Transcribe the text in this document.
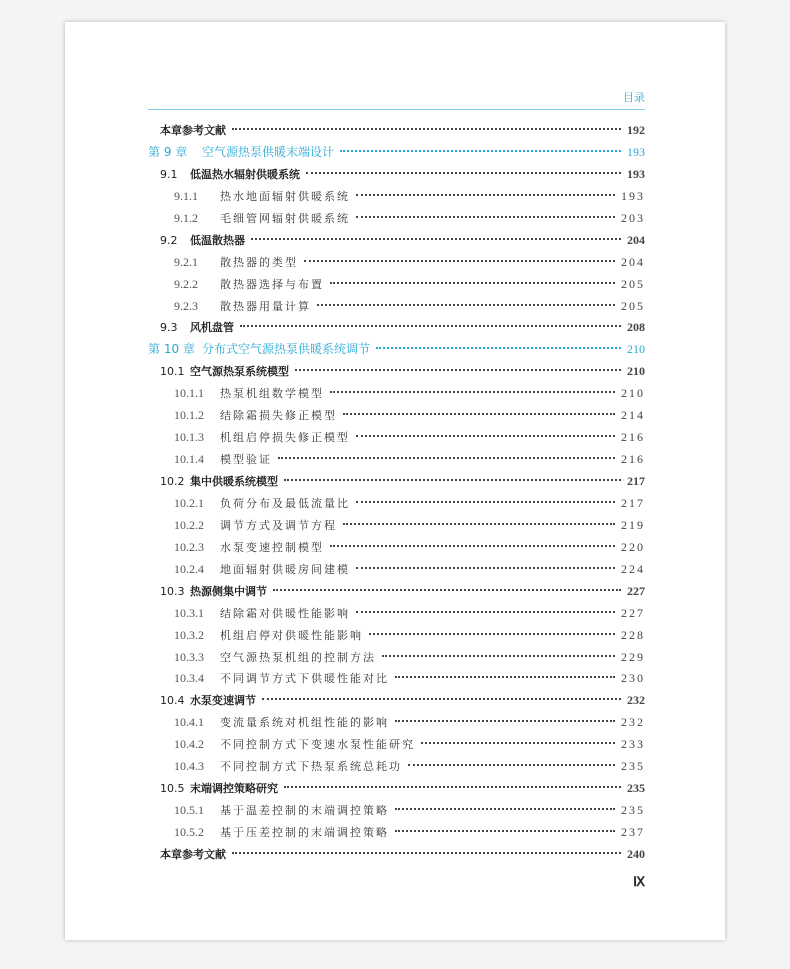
目录
本章参考文献	192
第 9 章	空气源热泵供暖末端设计	193
9.1	低温热水辐射供暖系统	193
9.1.1	热水地面辐射供暖系统	193
9.1.2	毛细管网辐射供暖系统	203
9.2	低温散热器	204
9.2.1	散热器的类型	204
9.2.2	散热器选择与布置	205
9.2.3	散热器用量计算	205
9.3	风机盘管	208
第 10 章 分布式空气源热泵供暖系统调节	210
10.1 空气源热泵系统模型	210
10.1.1	热泵机组数学模型	210
10.1.2	结除霜损失修正模型	214
10.1.3	机组启停损失修正模型	216
10.1.4	模型验证	216
10.2 集中供暖系统模型	217
10.2.1	负荷分布及最低流量比	217
10.2.2	调节方式及调节方程	219
10.2.3	水泵变速控制模型	220
10.2.4	地面辐射供暖房间建模	224
10.3 热源侧集中调节	227
10.3.1	结除霜对供暖性能影响	227
10.3.2	机组启停对供暖性能影响	228
10.3.3	空气源热泵机组的控制方法	229
10.3.4	不同调节方式下供暖性能对比	230
10.4 水泵变速调节	232
10.4.1	变流量系统对机组性能的影响	232
10.4.2	不同控制方式下变速水泵性能研究	233
10.4.3	不同控制方式下热泵系统总耗功	235
10.5 末端调控策略研究	235
10.5.1	基于温差控制的末端调控策略	235
10.5.2	基于压差控制的末端调控策略	237
本章参考文献	240
Ⅸ
